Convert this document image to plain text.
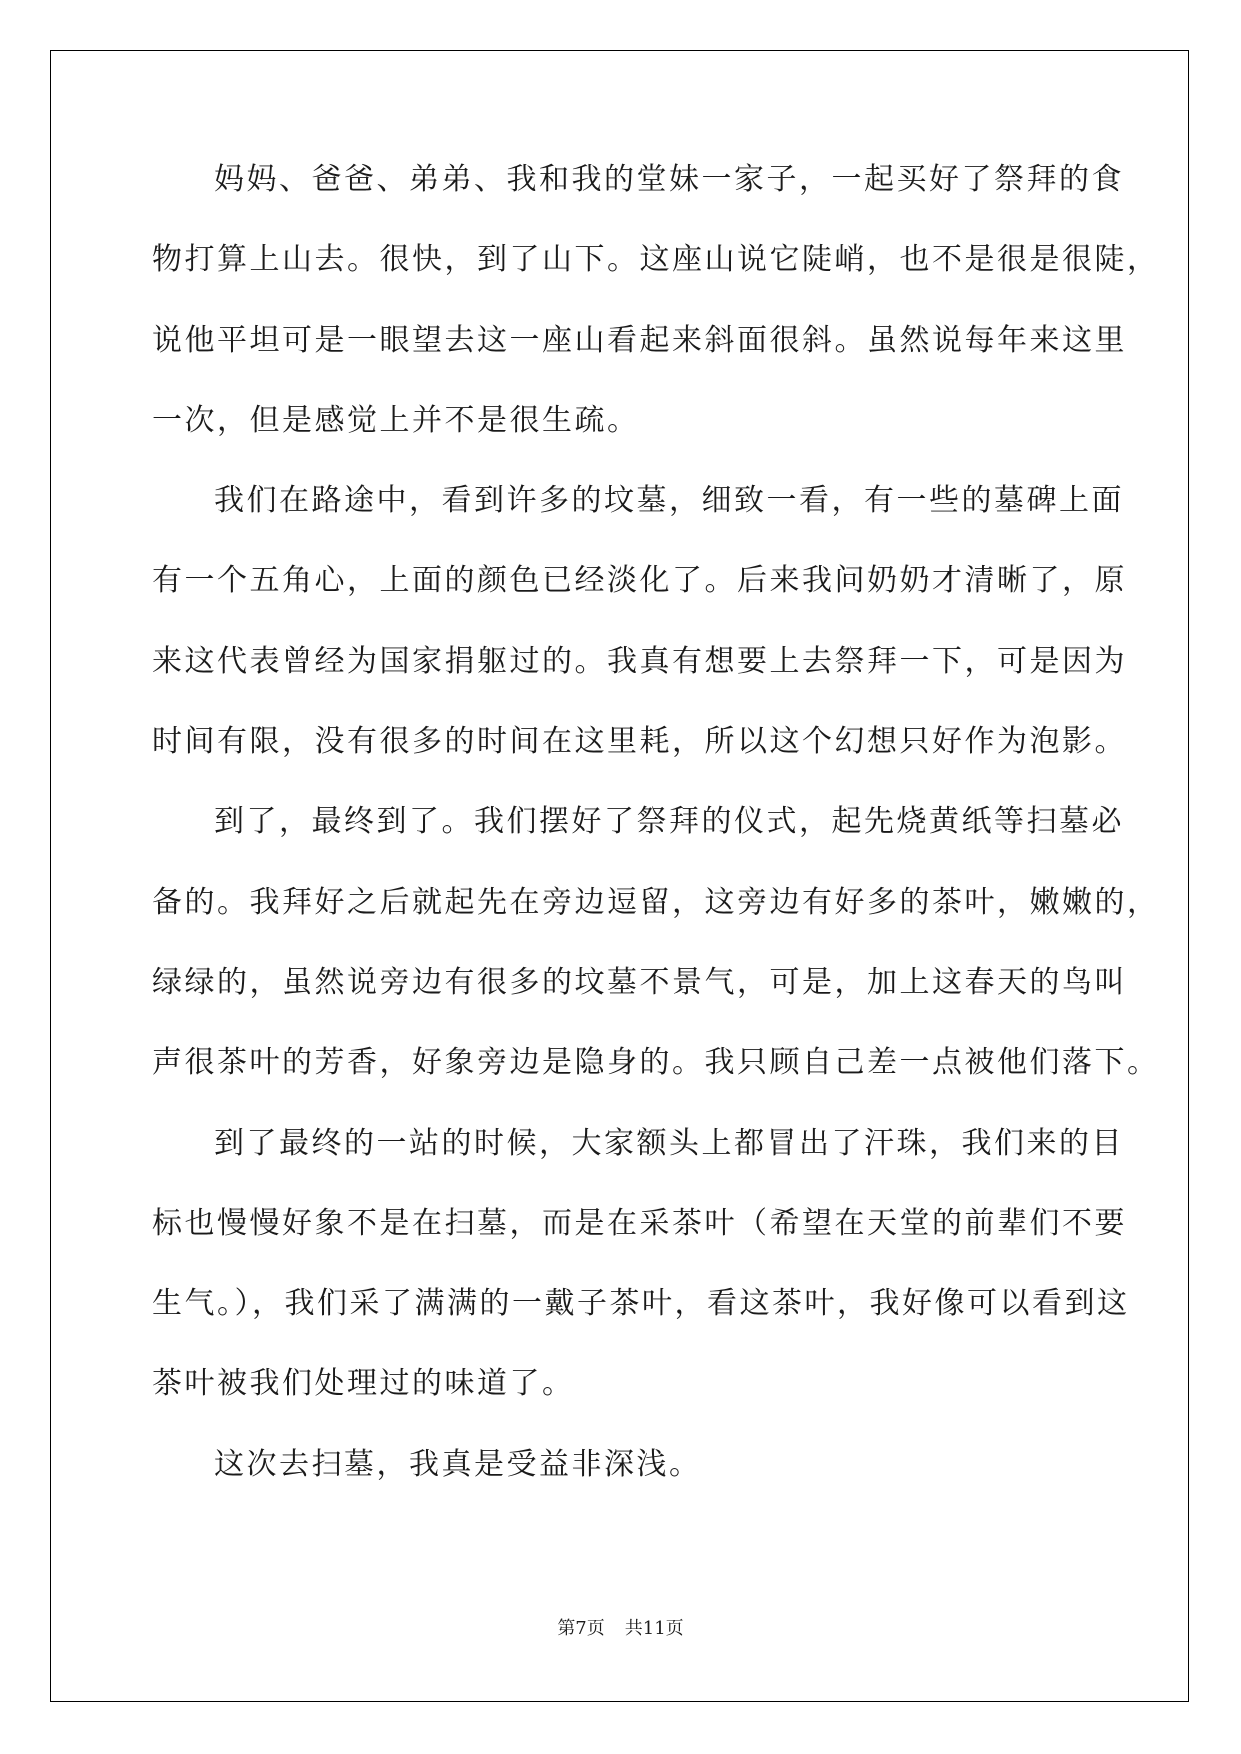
妈妈、爸爸、弟弟、我和我的堂妹一家子，一起买好了祭拜的食
物打算上山去。很快，到了山下。这座山说它陡峭，也不是很是很陡，
说他平坦可是一眼望去这一座山看起来斜面很斜。虽然说每年来这里
一次，但是感觉上并不是很生疏。
我们在路途中，看到许多的坟墓，细致一看，有一些的墓碑上面
有一个五角心，上面的颜色已经淡化了。后来我问奶奶才清晰了，原
来这代表曾经为国家捐躯过的。我真有想要上去祭拜一下，可是因为
时间有限，没有很多的时间在这里耗，所以这个幻想只好作为泡影。
到了，最终到了。我们摆好了祭拜的仪式，起先烧黄纸等扫墓必
备的。我拜好之后就起先在旁边逗留，这旁边有好多的茶叶，嫩嫩的，
绿绿的，虽然说旁边有很多的坟墓不景气，可是，加上这春天的鸟叫
声很茶叶的芳香，好象旁边是隐身的。我只顾自己差一点被他们落下。
到了最终的一站的时候，大家额头上都冒出了汗珠，我们来的目
标也慢慢好象不是在扫墓，而是在采茶叶（希望在天堂的前辈们不要
生气。），我们采了满满的一戴子茶叶，看这茶叶，我好像可以看到这
茶叶被我们处理过的味道了。
这次去扫墓，我真是受益非深浅。
第7页 共11页
